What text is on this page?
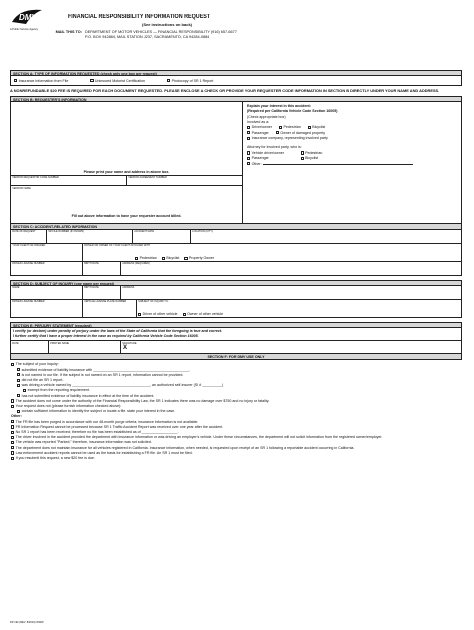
DMV
A Public Service Agency
FINANCIAL RESPONSIBILITY INFORMATION REQUEST
(See instructions on back)
MAIL THIS TO: DEPARTMENT OF MOTOR VEHICLES — FINANCIAL RESPONSIBILITY (916) 657-6677
P.O. BOX 942884, MAIL STATION J237, SACRAMENTO, CA 94284-0884
SECTION A: TYPE OF INFORMATION REQUESTED (check only one box per request)
Insurance Information from File	Uninsured Motorist Certification	Photocopy of SR 1 Report
A NONREFUNDABLE $20 FEE IS REQUIRED FOR EACH DOCUMENT REQUESTED. PLEASE ENCLOSE A CHECK OR PROVIDE YOUR REQUESTER CODE INFORMATION IN SECTION B DIRECTLY UNDER YOUR NAME AND ADDRESS.
SECTION B: REQUESTER'S INFORMATION
Please print your name and address in above box.
VENDOR REQUESTOR CODE NUMBER	VENDOR AGREEMENT NUMBER
VENDOR NAME
Fill out above information to have your requester account billed.
Explain your interest in this accident:
(Required per California Vehicle Code Section 16005)
(Check appropriate box)
Involved as a:
Driver/owner	Pedestrian	Bicyclist
Passenger	Owner of damaged property
Insurance company, representing involved party
Attorney for involved party, who is:
Vehicle driver/owner	Pedestrian
Passenger	Bicyclist
Other:
SECTION C: ACCIDENT-RELATED INFORMATION
DATE OF REQUEST	SR FILE NUMBER (IF KNOWN)	ACCIDENT DATE	LOCATION (CITY)
YOUR CLIENT OR INSURED	DRIVER OR OWNER OF YOUR CLIENT INVOLVED WITH
Pedestrian	Bicyclist	Property Owner
DRIVER LICENSE NUMBER	BIRTH DATE	ADDRESS (REQUIRED)
SECTION D: SUBJECT OF INQUIRY (one name per request)
NAME	BIRTH DATE	ADDRESS
DRIVER LICENSE NUMBER	VEHICLE LICENSE PLATE NUMBER	SUBJECT OF INQUIRY IS:
Driver of other vehicle	Owner of other vehicle
SECTION E: PERJURY STATEMENT (required)
I certify (or declare) under penalty of perjury under the laws of the State of California that the foregoing is true and correct.
I further certify that I have a proper interest in the case as required by California Vehicle Code Section 16005.
DATE	PRINTED NAME	SIGNATURE
X
SECTION F: FOR DMV USE ONLY
The subject of your inquiry:
submitted evidence of liability insurance with ________________________________________________.
is not named in our file. If the subject is not named on an SR 1 report, information cannot be provided.
did not file an SR 1 report.
was driving a vehicle owned by _______________________________________, an authorized self-insurer (SI # __________)
exempt from the reporting requirement.
has not submitted evidence of liability insurance in effect at the time of the accident.
The accident does not come under the authority of the Financial Responsibility Law, the SR 1 indicates there was no damage over $750 and no injury or fatality.
Your request does not (please furnish information checked above):
contain sufficient information to identify the subject or locate a file. state your interest in the case.
Other:
The FR file has been purged in accordance with our 48-month purge criteria; insurance information is not available.
FR Information Request cannot be processed because SR 1 Traffic Accident Report was received over one year after the accident.
No SR 1 report has been received; therefore no file has been established as of __________________.
The driver involved in the accident provided the department with insurance information or was driving an employer's vehicle. Under these circumstances, the department will not solicit information from the registered owner/employer.
The vehicle was reported "Parked;" therefore, insurance information was not solicited.
The department does not maintain insurance for all vehicles registered in California. Insurance information, when needed, is requested upon receipt of an SR 1 following a reportable accident occurring in California.
Law enforcement accident reports cannot be used as the basis for establishing a FR file. An SR 1 must be filed.
If you resubmit this request, a new $20 fee is due.
DP 192 (REV. 8/2019) WWW
